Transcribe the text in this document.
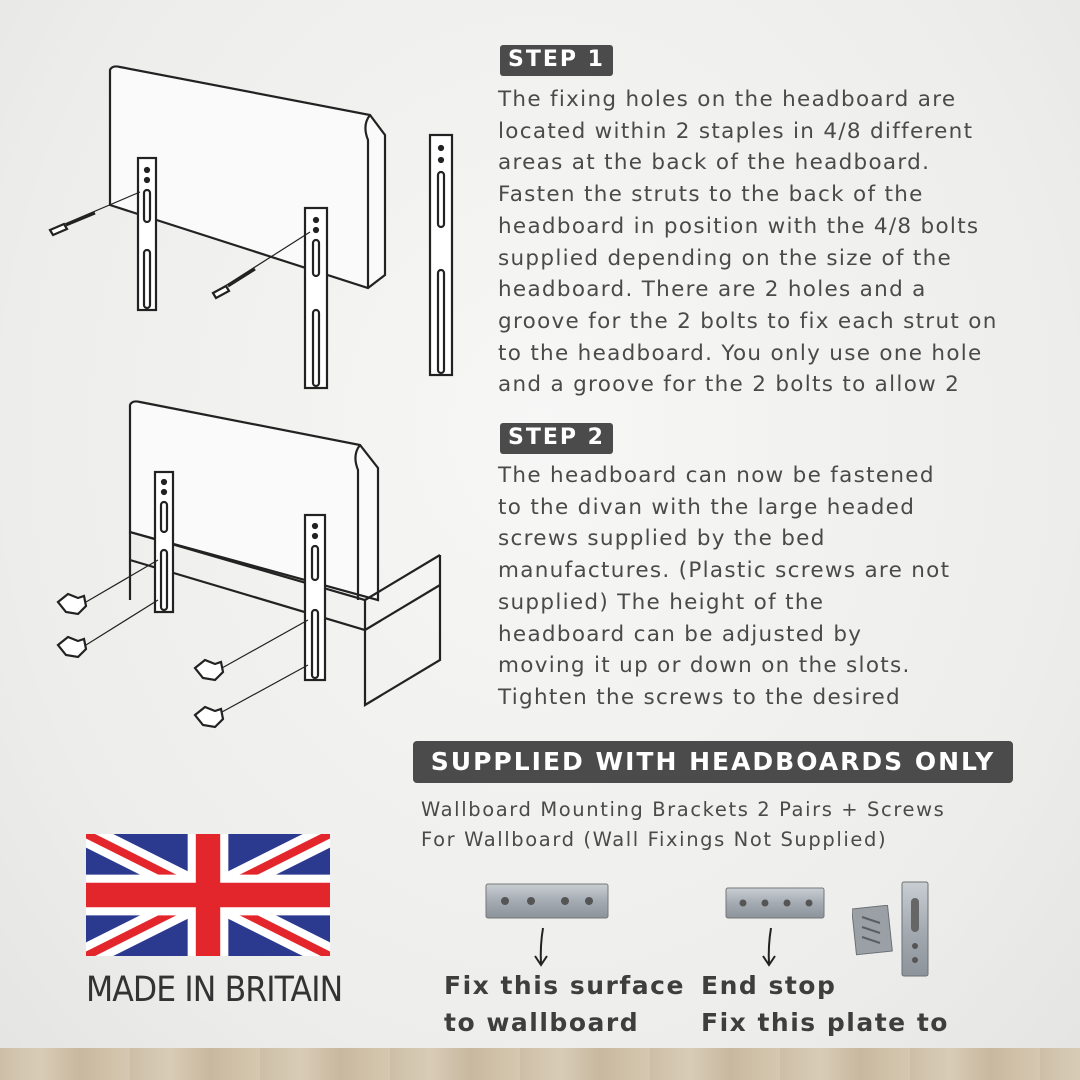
STEP 1

The fixing holes on the headboard are
located within 2 staples in 4/8 different
areas at the back of the headboard.
Fasten the struts to the back of the
headboard in position with the 4/8 bolts
supplied depending on the size of the
headboard. There are 2 holes and a
groove for the 2 bolts to fix each strut on
to the headboard. You only use one hole
and a groove for the 2 bolts to allow 2

STEP 2

The headboard can now be fastened
to the divan with the large headed
screws supplied by the bed
manufactures. (Plastic screws are not
supplied) The height of the
headboard can be adjusted by
moving it up or down on the slots.
Tighten the screws to the desired

SUPPLIED WITH HEADBOARDS ONLY

Wallboard Mounting Brackets 2 Pairs + Screws
For Wallboard (Wall Fixings Not Supplied)

Fix this surface
to wallboard

End stop
Fix this plate to

MADE IN BRITAIN
